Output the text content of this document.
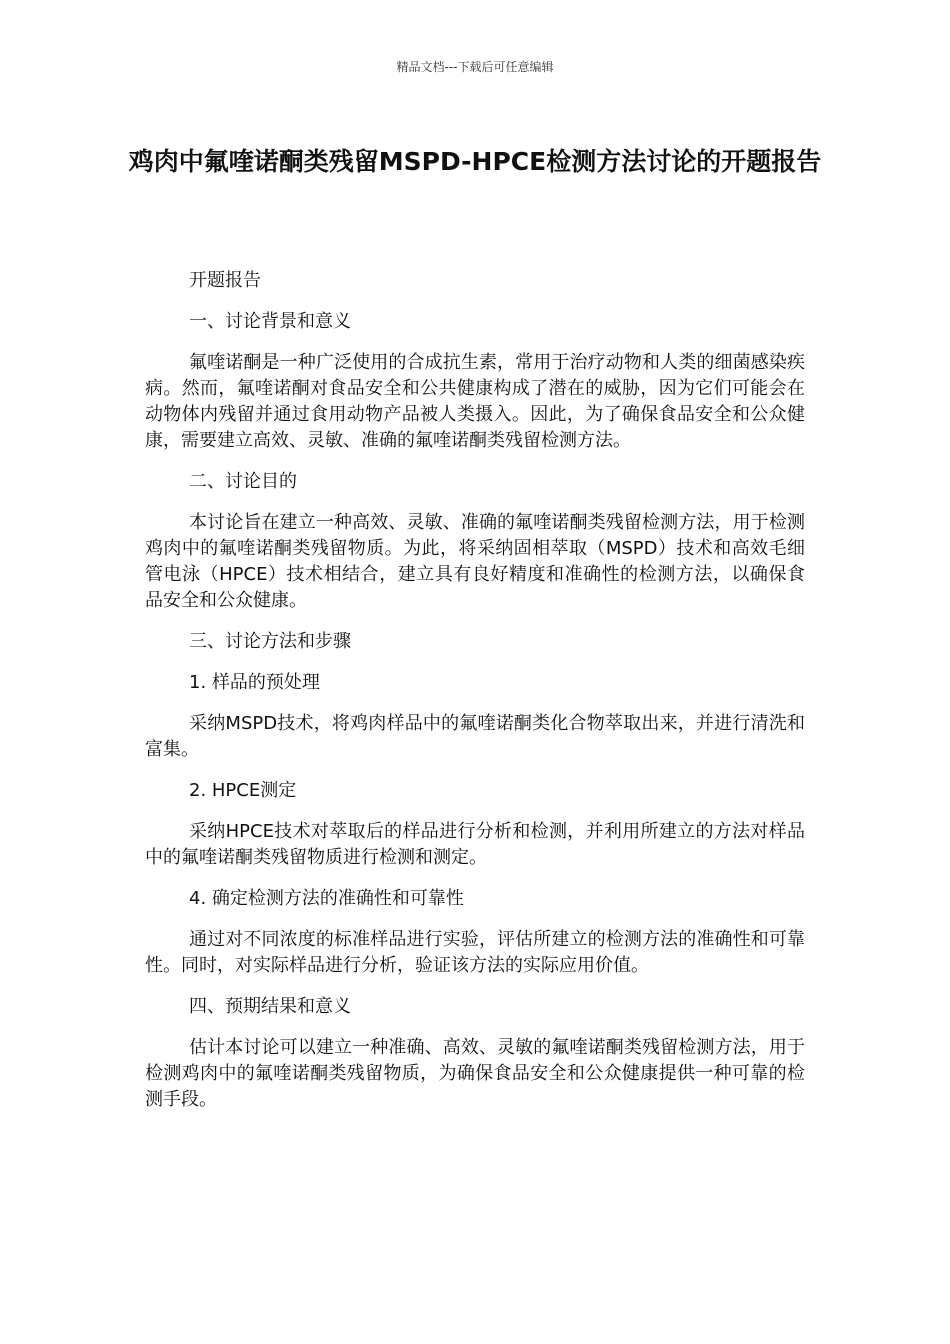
精品文档---下载后可任意编辑
鸡肉中氟喹诺酮类残留MSPD-HPCE检测方法讨论的开题报告

开题报告

一、讨论背景和意义

氟喹诺酮是一种广泛使用的合成抗生素，常用于治疗动物和人类的细菌感染疾病。然而，氟喹诺酮对食品安全和公共健康构成了潜在的威胁，因为它们可能会在动物体内残留并通过食用动物产品被人类摄入。因此，为了确保食品安全和公众健康，需要建立高效、灵敏、准确的氟喹诺酮类残留检测方法。

二、讨论目的

本讨论旨在建立一种高效、灵敏、准确的氟喹诺酮类残留检测方法，用于检测鸡肉中的氟喹诺酮类残留物质。为此，将采纳固相萃取（MSPD）技术和高效毛细管电泳（HPCE）技术相结合，建立具有良好精度和准确性的检测方法，以确保食品安全和公众健康。

三、讨论方法和步骤

1. 样品的预处理

采纳MSPD技术，将鸡肉样品中的氟喹诺酮类化合物萃取出来，并进行清洗和富集。

2. HPCE测定

采纳HPCE技术对萃取后的样品进行分析和检测，并利用所建立的方法对样品中的氟喹诺酮类残留物质进行检测和测定。

4. 确定检测方法的准确性和可靠性

通过对不同浓度的标准样品进行实验，评估所建立的检测方法的准确性和可靠性。同时，对实际样品进行分析，验证该方法的实际应用价值。

四、预期结果和意义

估计本讨论可以建立一种准确、高效、灵敏的氟喹诺酮类残留检测方法，用于检测鸡肉中的氟喹诺酮类残留物质，为确保食品安全和公众健康提供一种可靠的检测手段。
